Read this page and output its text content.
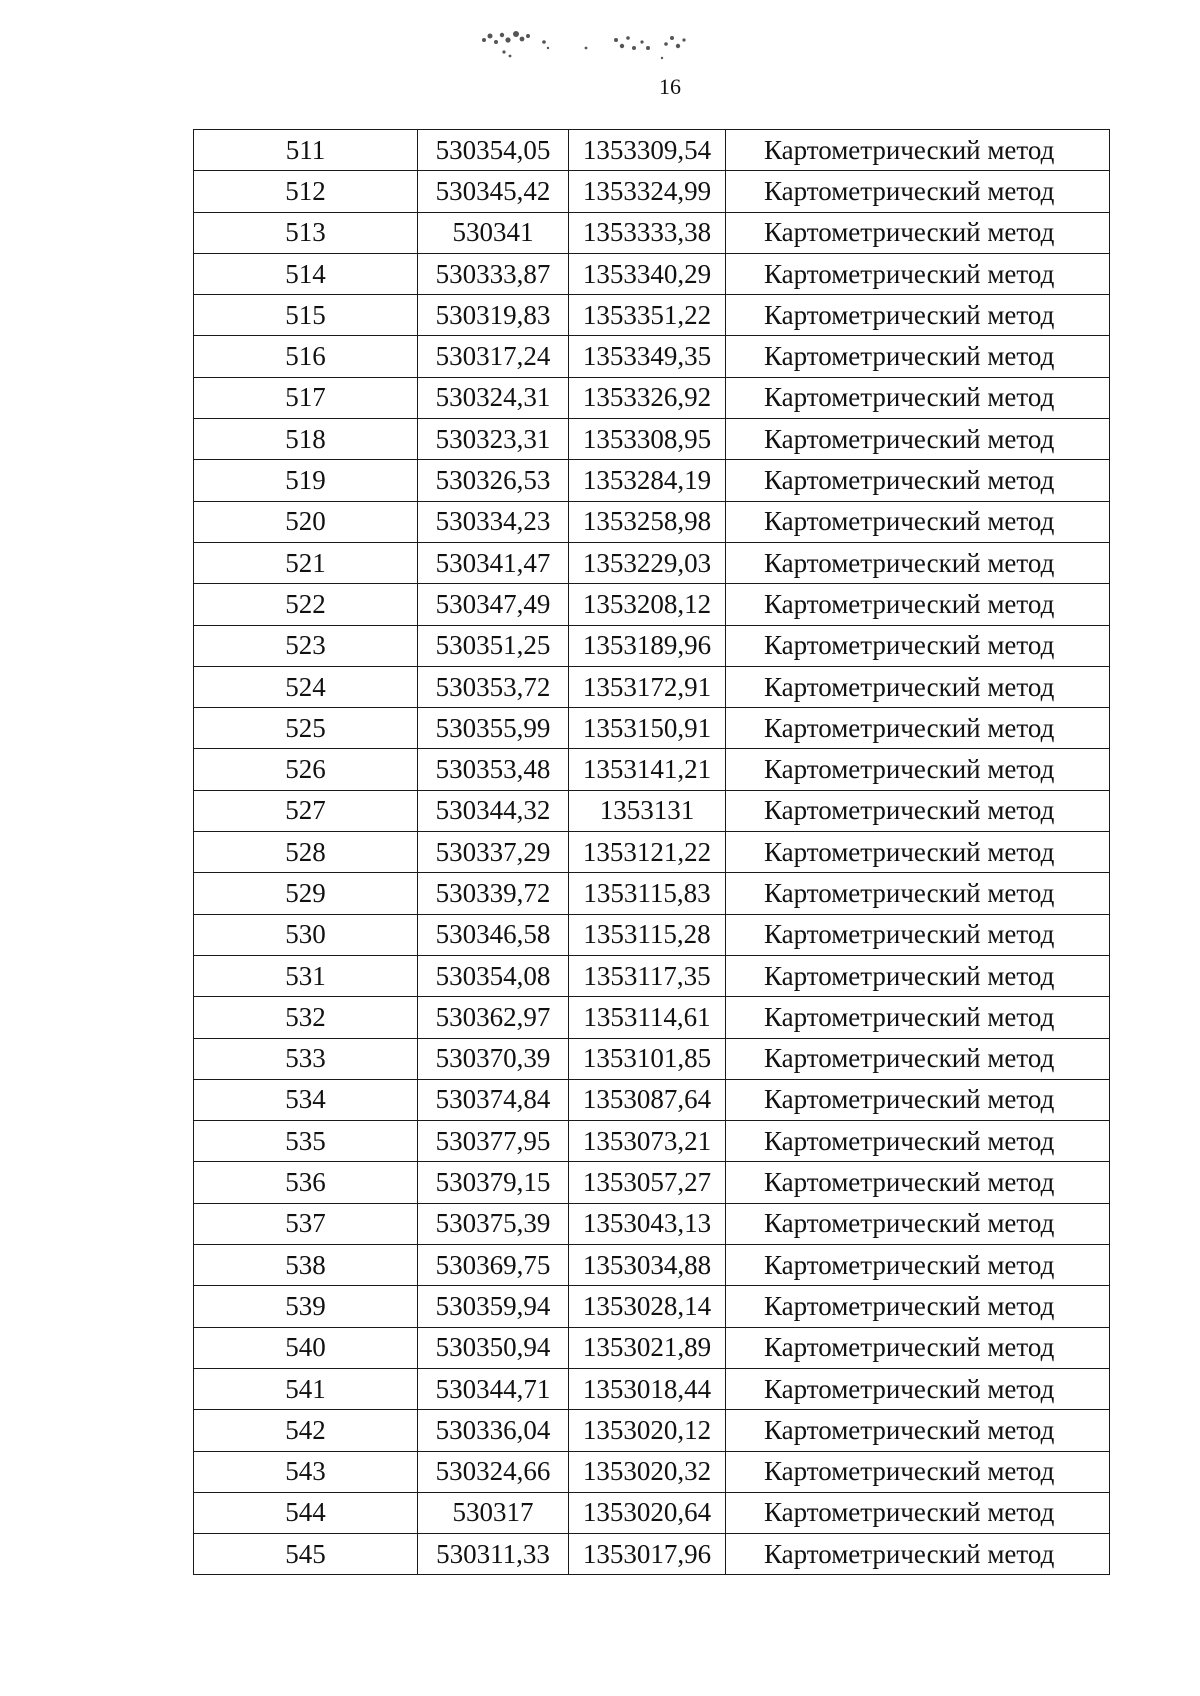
16
511	530354,05	1353309,54	Картометрический метод
512	530345,42	1353324,99	Картометрический метод
513	530341	1353333,38	Картометрический метод
514	530333,87	1353340,29	Картометрический метод
515	530319,83	1353351,22	Картометрический метод
516	530317,24	1353349,35	Картометрический метод
517	530324,31	1353326,92	Картометрический метод
518	530323,31	1353308,95	Картометрический метод
519	530326,53	1353284,19	Картометрический метод
520	530334,23	1353258,98	Картометрический метод
521	530341,47	1353229,03	Картометрический метод
522	530347,49	1353208,12	Картометрический метод
523	530351,25	1353189,96	Картометрический метод
524	530353,72	1353172,91	Картометрический метод
525	530355,99	1353150,91	Картометрический метод
526	530353,48	1353141,21	Картометрический метод
527	530344,32	1353131	Картометрический метод
528	530337,29	1353121,22	Картометрический метод
529	530339,72	1353115,83	Картометрический метод
530	530346,58	1353115,28	Картометрический метод
531	530354,08	1353117,35	Картометрический метод
532	530362,97	1353114,61	Картометрический метод
533	530370,39	1353101,85	Картометрический метод
534	530374,84	1353087,64	Картометрический метод
535	530377,95	1353073,21	Картометрический метод
536	530379,15	1353057,27	Картометрический метод
537	530375,39	1353043,13	Картометрический метод
538	530369,75	1353034,88	Картометрический метод
539	530359,94	1353028,14	Картометрический метод
540	530350,94	1353021,89	Картометрический метод
541	530344,71	1353018,44	Картометрический метод
542	530336,04	1353020,12	Картометрический метод
543	530324,66	1353020,32	Картометрический метод
544	530317	1353020,64	Картометрический метод
545	530311,33	1353017,96	Картометрический метод
